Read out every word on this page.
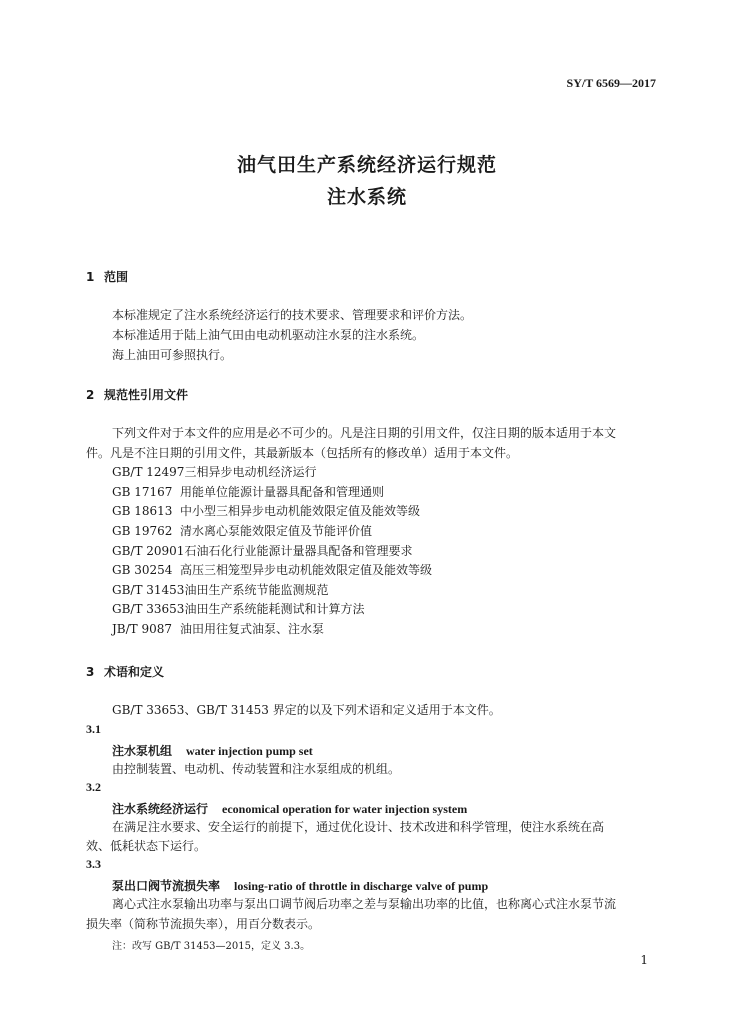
SY/T 6569—2017
油气田生产系统经济运行规范
注水系统
1 范围
本标准规定了注水系统经济运行的技术要求、管理要求和评价方法。
本标准适用于陆上油气田由电动机驱动注水泵的注水系统。
海上油田可参照执行。
2 规范性引用文件
下列文件对于本文件的应用是必不可少的。凡是注日期的引用文件，仅注日期的版本适用于本文
件。凡是不注日期的引用文件，其最新版本（包括所有的修改单）适用于本文件。
GB/T 12497三相异步电动机经济运行
GB 17167 用能单位能源计量器具配备和管理通则
GB 18613 中小型三相异步电动机能效限定值及能效等级
GB 19762 清水离心泵能效限定值及节能评价值
GB/T 20901石油石化行业能源计量器具配备和管理要求
GB 30254 高压三相笼型异步电动机能效限定值及能效等级
GB/T 31453油田生产系统节能监测规范
GB/T 33653油田生产系统能耗测试和计算方法
JB/T 9087 油田用往复式油泵、注水泵
3 术语和定义
GB/T 33653、GB/T 31453 界定的以及下列术语和定义适用于本文件。
3.1
注水泵机组 water injection pump set
由控制装置、电动机、传动装置和注水泵组成的机组。
3.2
注水系统经济运行 economical operation for water injection system
在满足注水要求、安全运行的前提下，通过优化设计、技术改进和科学管理，使注水系统在高
效、低耗状态下运行。
3.3
泵出口阀节流损失率 losing-ratio of throttle in discharge valve of pump
离心式注水泵输出功率与泵出口调节阀后功率之差与泵输出功率的比值，也称离心式注水泵节流
损失率（简称节流损失率），用百分数表示。
注：改写 GB/T 31453—2015，定义 3.3。
1
